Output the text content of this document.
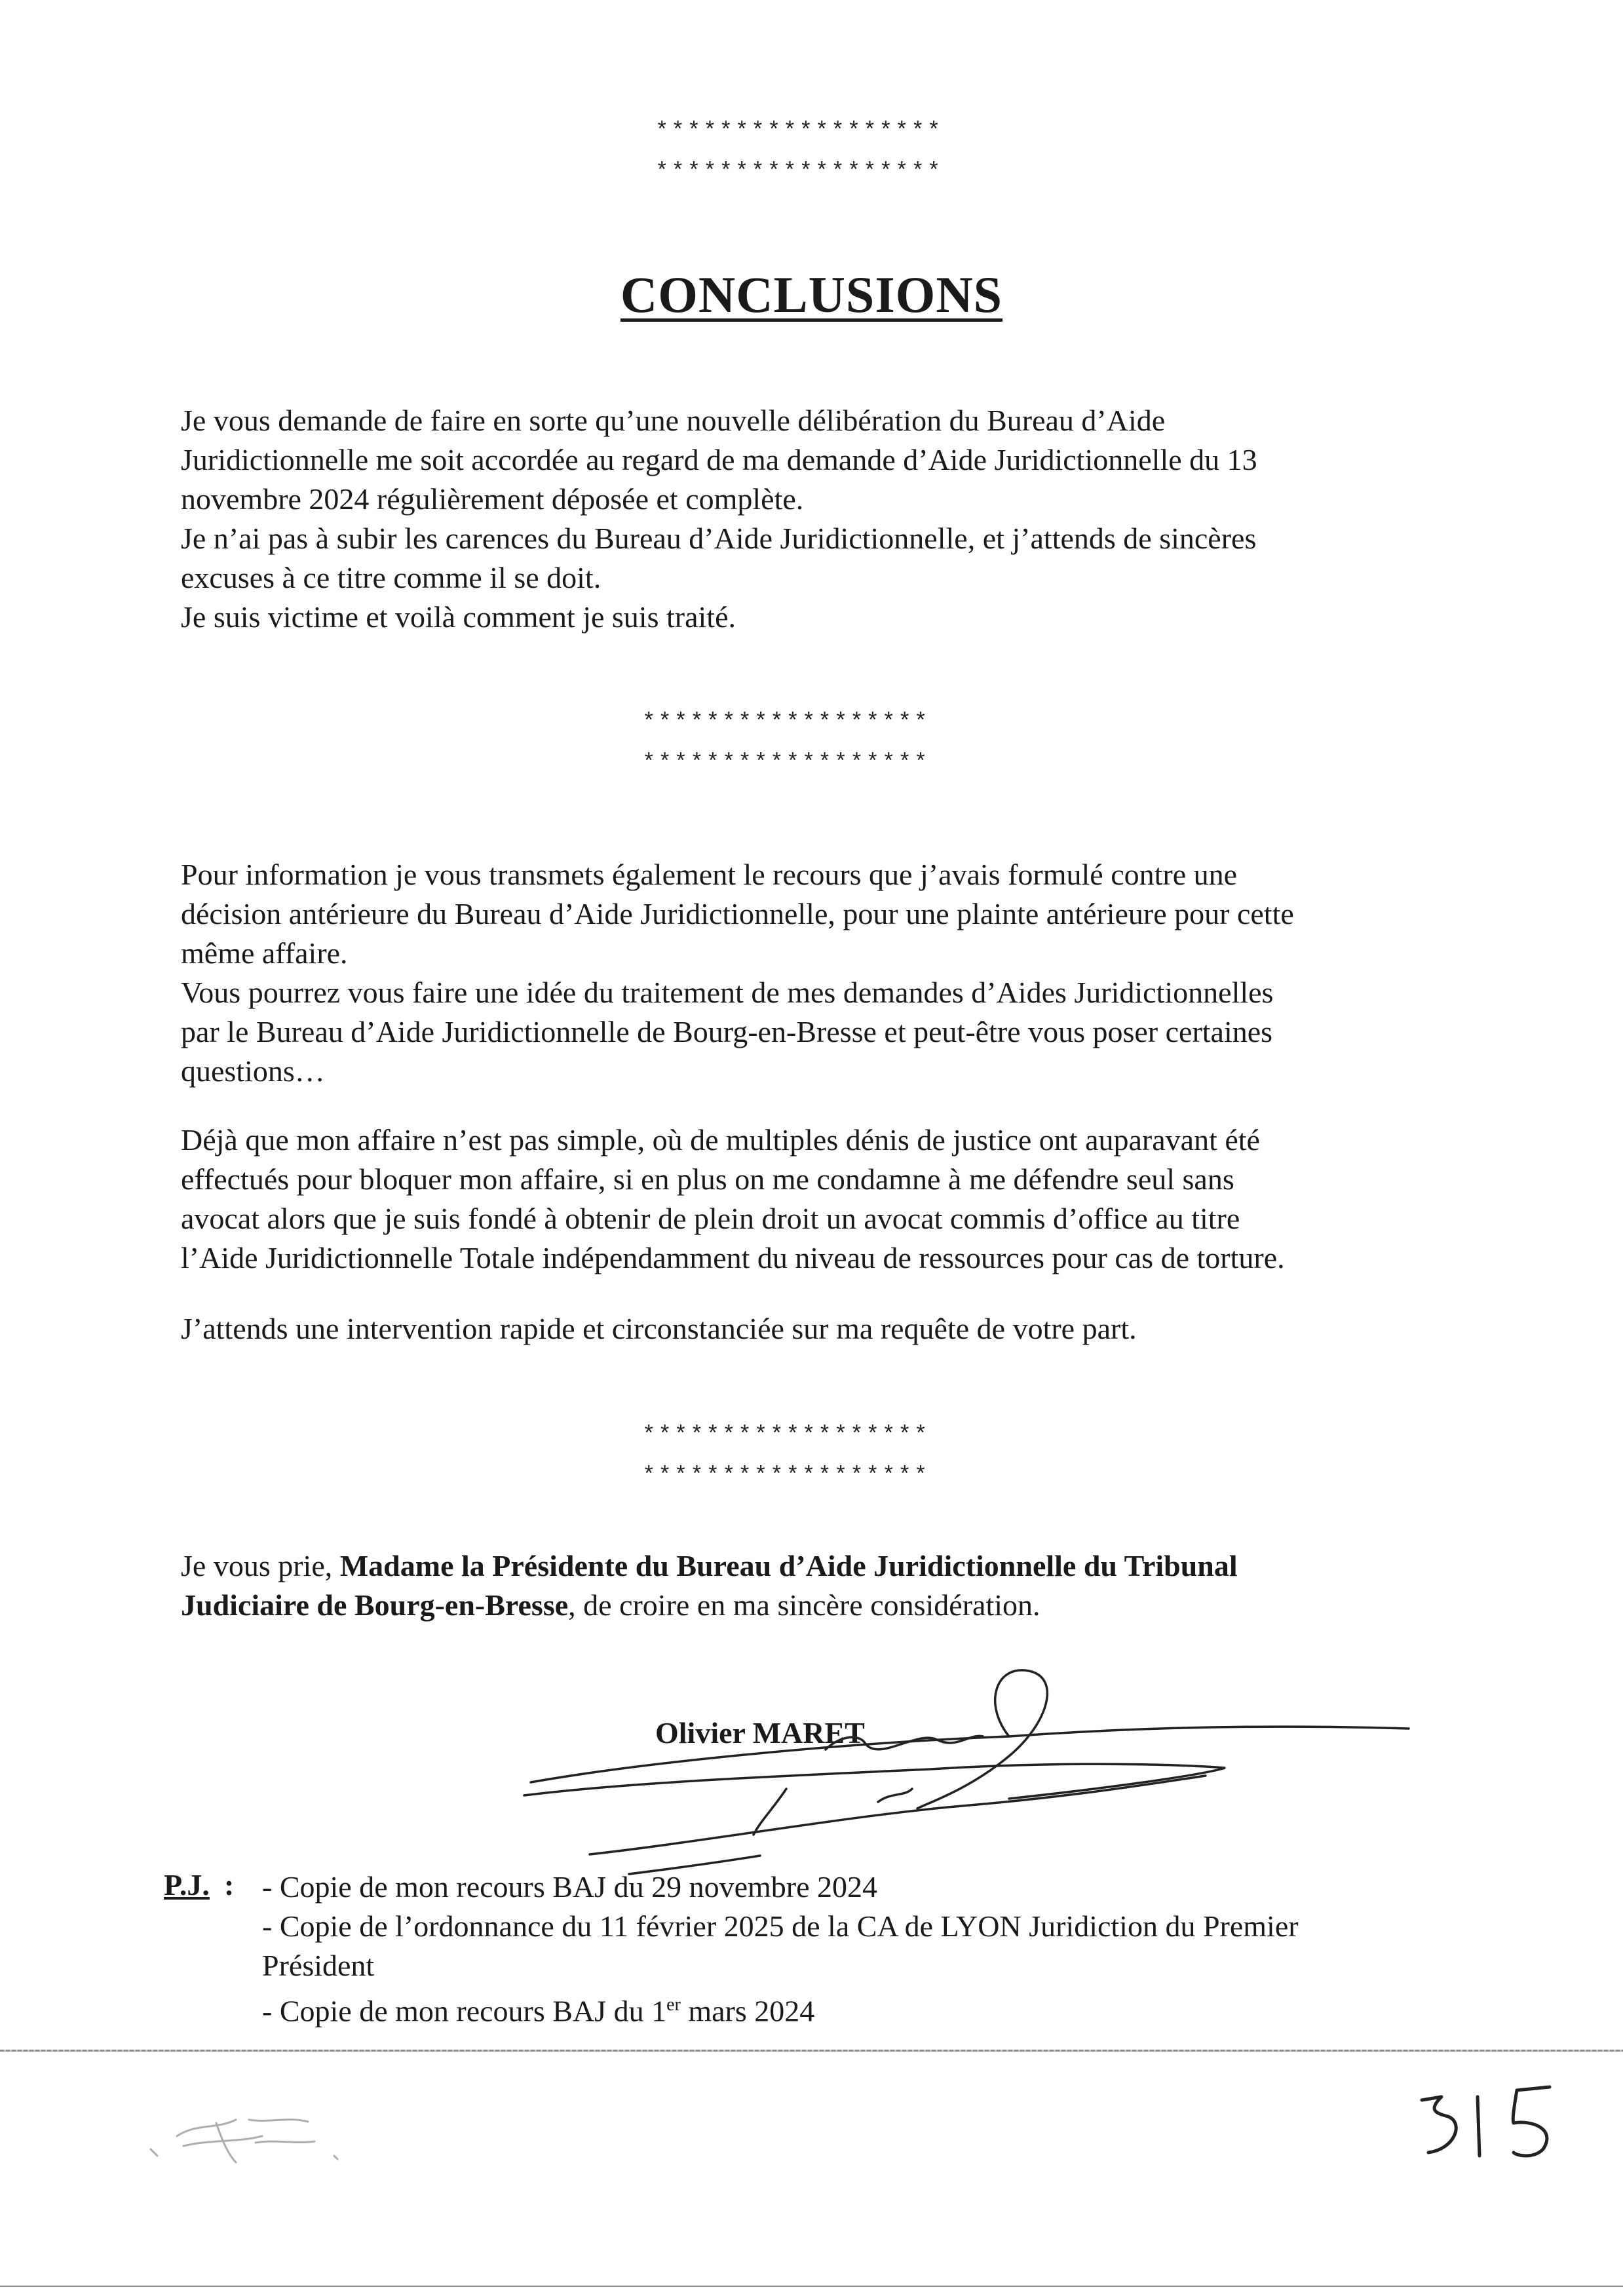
******************
******************
CONCLUSIONS
Je vous demande de faire en sorte qu’une nouvelle délibération du Bureau d’Aide
Juridictionnelle me soit accordée au regard de ma demande d’Aide Juridictionnelle du 13
novembre 2024 régulièrement déposée et complète.
Je n’ai pas à subir les carences du Bureau d’Aide Juridictionnelle, et j’attends de sincères
excuses à ce titre comme il se doit.
Je suis victime et voilà comment je suis traité.
******************
******************
Pour information je vous transmets également le recours que j’avais formulé contre une
décision antérieure du Bureau d’Aide Juridictionnelle, pour une plainte antérieure pour cette
même affaire.
Vous pourrez vous faire une idée du traitement de mes demandes d’Aides Juridictionnelles
par le Bureau d’Aide Juridictionnelle de Bourg-en-Bresse et peut-être vous poser certaines
questions…
Déjà que mon affaire n’est pas simple, où de multiples dénis de justice ont auparavant été
effectués pour bloquer mon affaire, si en plus on me condamne à me défendre seul sans
avocat alors que je suis fondé à obtenir de plein droit un avocat commis d’office au titre
l’Aide Juridictionnelle Totale indépendamment du niveau de ressources pour cas de torture.
J’attends une intervention rapide et circonstanciée sur ma requête de votre part.
******************
******************
Je vous prie, Madame la Présidente du Bureau d’Aide Juridictionnelle du Tribunal
Judiciaire de Bourg-en-Bresse, de croire en ma sincère considération.
Olivier MARET
P.J. : - Copie de mon recours BAJ du 29 novembre 2024
- Copie de l’ordonnance du 11 février 2025 de la CA de LYON Juridiction du Premier
Président
- Copie de mon recours BAJ du 1er mars 2024
